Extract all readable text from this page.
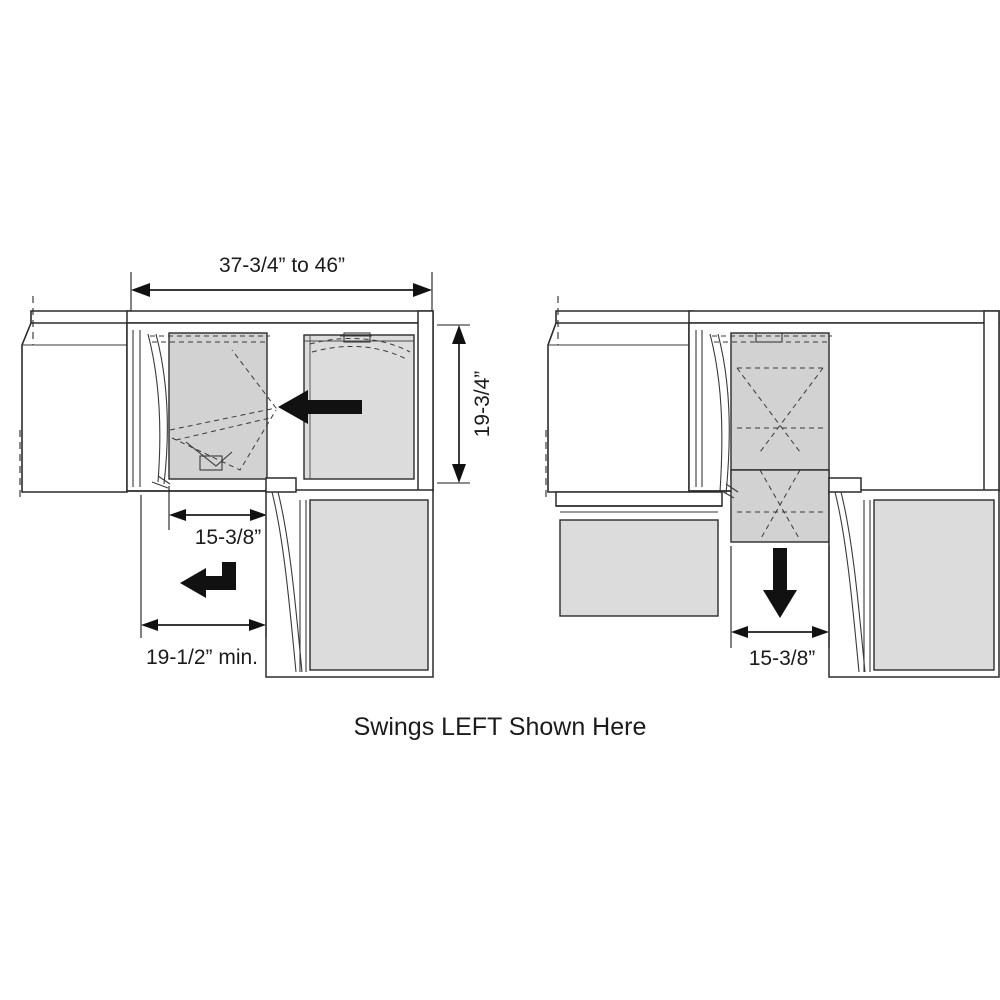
37-3/4” to 46”
19-3/4”
15-3/8”
19-1/2” min.	15-3/8”
Swings LEFT Shown Here
